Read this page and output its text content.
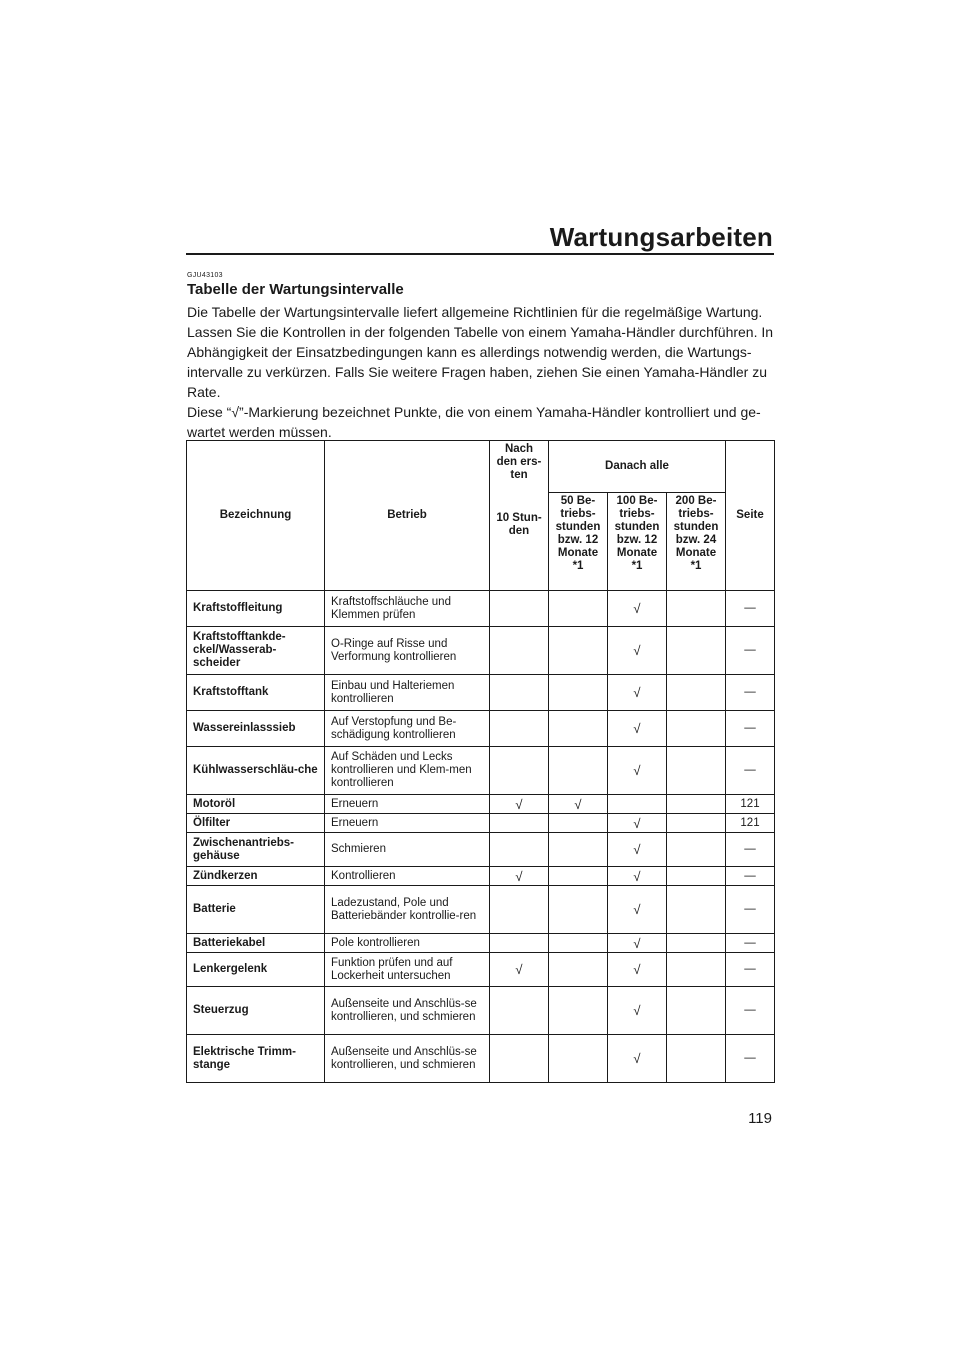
Wartungsarbeiten
GJU43103
Tabelle der Wartungsintervalle

Die Tabelle der Wartungsintervalle liefert allgemeine Richtlinien für die regelmäßige Wartung. Lassen Sie die Kontrollen in der folgenden Tabelle von einem Yamaha-Händler durchführen. In Abhängigkeit der Einsatzbedingungen kann es allerdings notwendig werden, die Wartungs-intervalle zu verkürzen. Falls Sie weitere Fragen haben, ziehen Sie einen Yamaha-Händler zu Rate.

Diese “√”-Markierung bezeichnet Punkte, die von einem Yamaha-Händler kontrolliert und ge-wartet werden müssen.

Bezeichnung	Betrieb	Nach den ers-ten
10 Stun-den	Danach alle			Seite
			50 Be-triebs-stunden bzw. 12 Monate *1	100 Be-triebs-stunden bzw. 12 Monate *1	200 Be-triebs-stunden bzw. 24 Monate *1	
Kraftstoffleitung	Kraftstoffschläuche und Klemmen prüfen			√		—
Kraftstofftankde-ckel/Wasserab-scheider	O-Ringe auf Risse und Verformung kontrollieren			√		—
Kraftstofftank	Einbau und Halteriemen kontrollieren			√		—
Wassereinlasssieb	Auf Verstopfung und Be-schädigung kontrollieren			√		—
Kühlwasserschläu-che	Auf Schäden und Lecks kontrollieren und Klem-men kontrollieren			√		—
Motoröl	Erneuern	√	√			121
Ölfilter	Erneuern			√		121
Zwischenantriebs-gehäuse	Schmieren			√		—
Zündkerzen	Kontrollieren	√		√		—
Batterie	Ladezustand, Pole und Batteriebänder kontrollie-ren			√		—
Batteriekabel	Pole kontrollieren			√		—
Lenkergelenk	Funktion prüfen und auf Lockerheit untersuchen	√		√		—
Steuerzug	Außenseite und Anschlüs-se kontrollieren, und schmieren			√		—
Elektrische Trimm-stange	Außenseite und Anschlüs-se kontrollieren, und schmieren			√		—
119
